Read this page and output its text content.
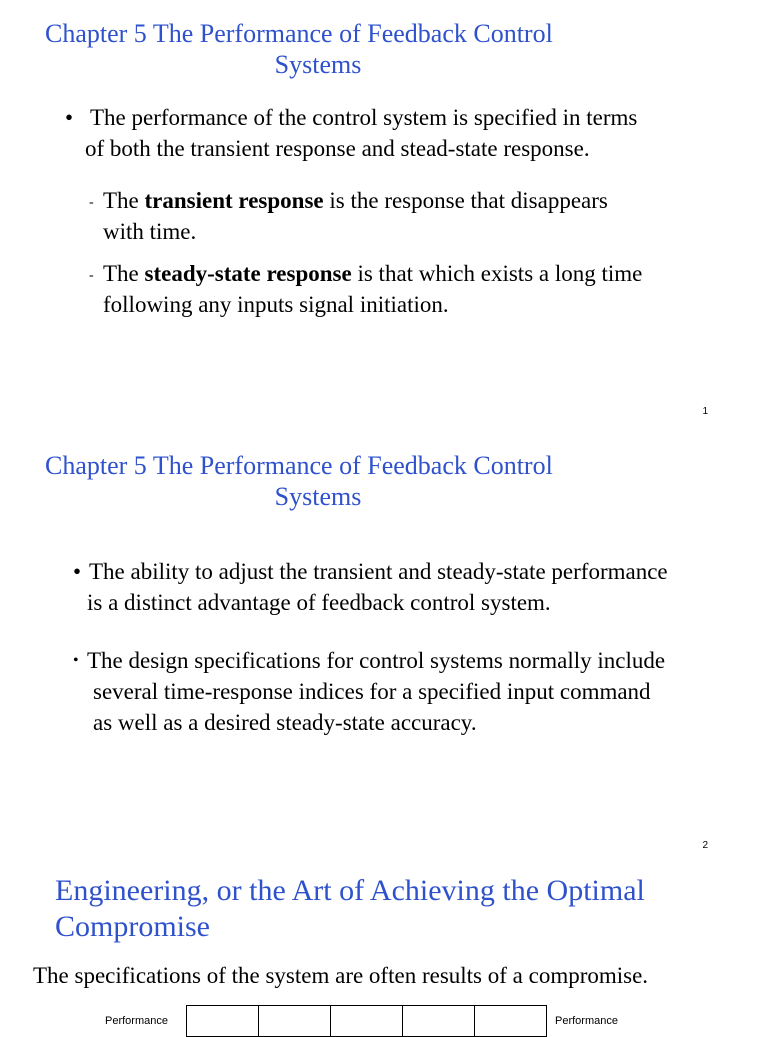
Chapter 5 The Performance of Feedback Control
Systems
• The performance of the control system is specified in terms
of both the transient response and stead-state response.
- The transient response is the response that disappears
with time.
- The steady-state response is that which exists a long time
following any inputs signal initiation.
1
Chapter 5 The Performance of Feedback Control
Systems
• The ability to adjust the transient and steady-state performance
is a distinct advantage of feedback control system.
• The design specifications for control systems normally include
several time-response indices for a specified input command
as well as a desired steady-state accuracy.
2
Engineering, or the Art of Achieving the Optimal
Compromise
The specifications of the system are often results of a compromise.
Performance
					Performance
